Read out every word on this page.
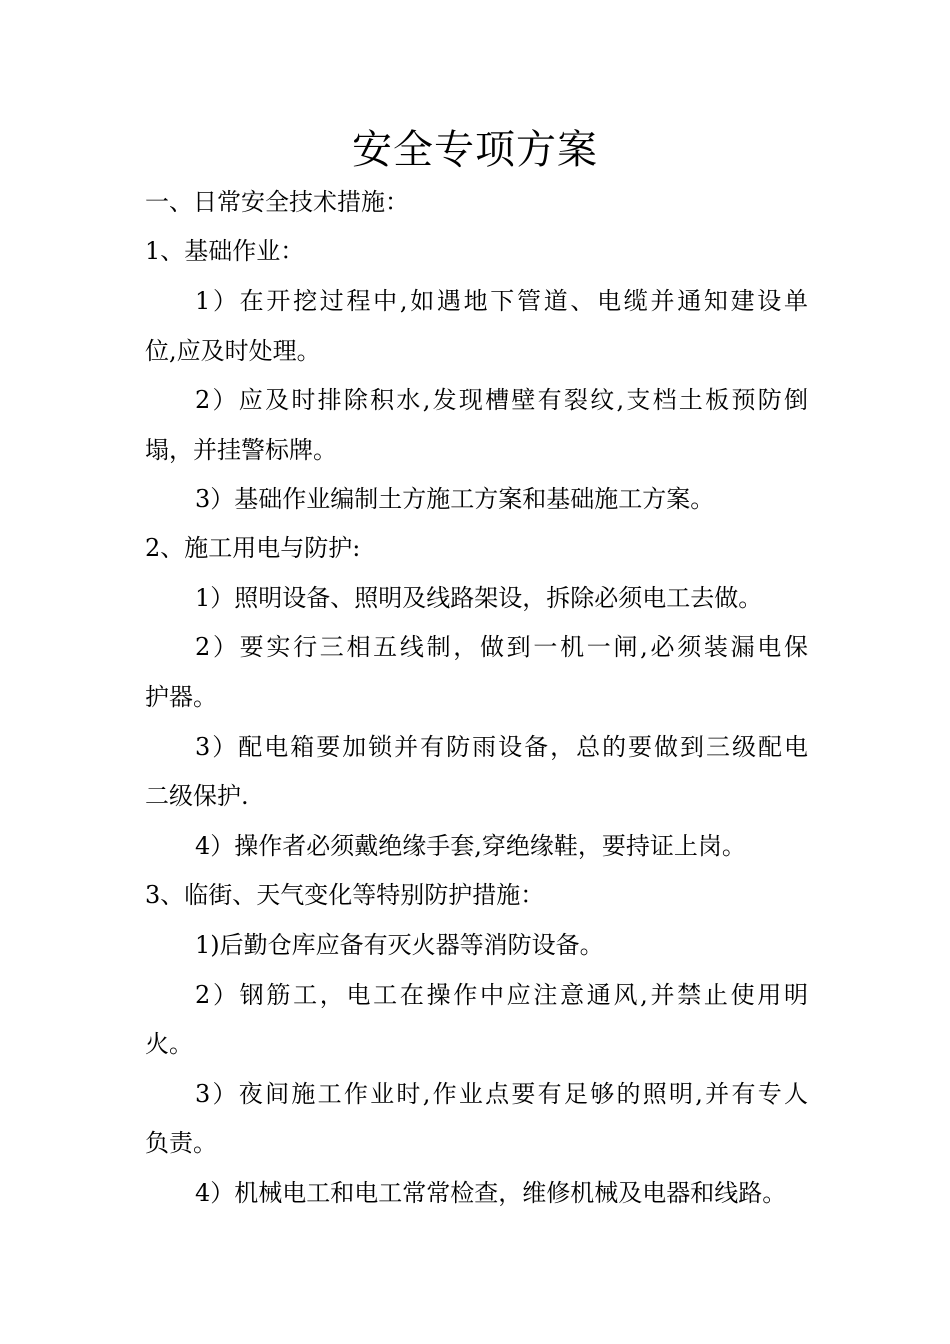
安全专项方案
一、日常安全技术措施：
1、基础作业：
1）在开挖过程中,如遇地下管道、电缆并通知建设单
位,应及时处理。
2）应及时排除积水,发现槽壁有裂纹,支档土板预防倒
塌，并挂警标牌。
3）基础作业编制土方施工方案和基础施工方案。
2、施工用电与防护:
1）照明设备、照明及线路架设，拆除必须电工去做。
2）要实行三相五线制，做到一机一闸,必须装漏电保
护器。
3）配电箱要加锁并有防雨设备，总的要做到三级配电
二级保护.
4）操作者必须戴绝缘手套,穿绝缘鞋，要持证上岗。
3、临街、天气变化等特别防护措施：
1)后勤仓库应备有灭火器等消防设备。
2）钢筋工，电工在操作中应注意通风,并禁止使用明
火。
3）夜间施工作业时,作业点要有足够的照明,并有专人
负责。
4）机械电工和电工常常检查，维修机械及电器和线路。
